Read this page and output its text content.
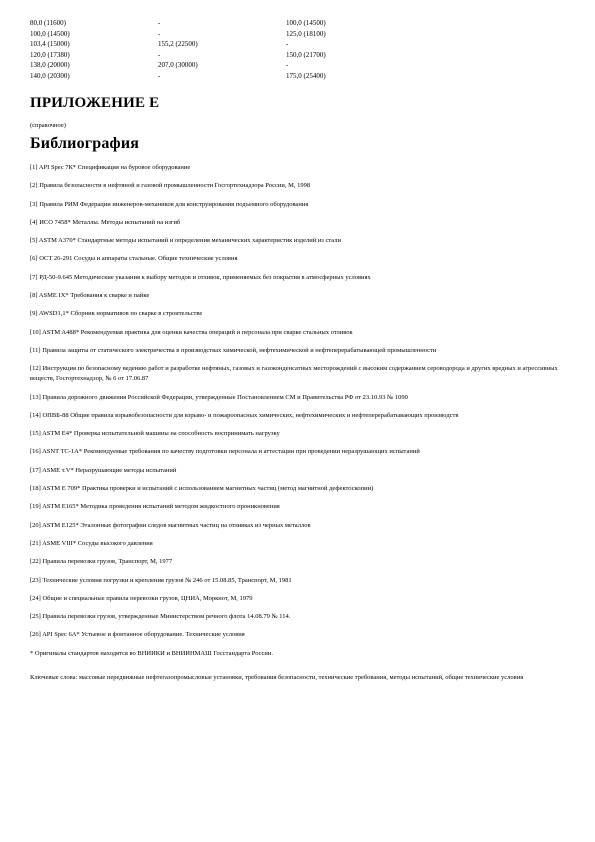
80,0 (11600)	-	100,0 (14500)
100,0 (14500)	-	125,0 (18100)
103,4 (15000)	155,2 (22500)	-
120,0 (17380)	-	150,0 (21700)
138,0 (20000)	207,0 (30000)	-
140,0 (20300)	-	175,0 (25400)
ПРИЛОЖЕНИЕ Е

(справочное)

Библиография
[1] API Spec 7К* Спецификация на буровое оборудование
[2] Правила безопасности в нефтяной и газовой промышленности Госгортехнадзора России, М, 1998
[3] Правила РИМ Федерации инженеров-механиков для конструирования подъемного оборудования
[4] ИСО 7458* Металлы. Методы испытаний на изгиб
[5] ASTM A370* Стандартные методы испытаний и определения механических характеристик изделий из стали
[6] ОСТ 26-291 Сосуды и аппараты стальные. Общие технические условия
[7] РД-50-9.645 Методические указания к выбору методов и отливок, применяемых без покрытия в атмосферных условиях
[8] ASME IX* Требования к сварке и пайке
[9] AWSD1,1* Сборник нормативов по сварке в строительстве
[10] ASTM A488* Рекомендуемая практика для оценки качества операций и персонала при сварке стальных отливок
[11] Правила защиты от статического электричества в производствах химической, нефтехимической и нефтеперерабатывающей промышленности
[12] Инструкция по безопасному ведению работ и разработке нефтяных, газовых и газоконденсатных месторождений с высоким содержанием сероводорода и других вредных и агрессивных веществ, Госгортехнадзор, № 6 от 17.06.87
[13] Правила дорожного движения Российской Федерации, утвержденные Постановлением СМ и Правительства РФ от 23.10.93 № 1090
[14] ОПВБ-88 Общие правила взрывобезопасности для взрыво- и пожароопасных химических, нефтехимических и нефтеперерабатывающих производств
[15] ASTM E4* Проверка испытательной машины на способность воспринимать нагрузку
[16] ASNT TC-1A* Рекомендуемые требования по качеству подготовки персонала и аттестации при проведении неразрушающих испытаний
[17] ASME т.V* Неразрушающие методы испытаний
[18] ASTM E 709* Практика проверки и испытаний с использованием магнитных частиц (метод магнитной дефектоскопии)
[19] ASTM E165* Методика проведения испытаний методом жидкостного проникновения
[20] ASTM E125* Эталонные фотографии следов магнитных частиц на отливках из черных металлов
[21] ASME VIII* Сосуды высокого давления
[22] Правила перевозки грузов, Транспорт, М, 1977
[23] Технические условия погрузки и крепления грузов № 246 от 15.08.85, Транспорт, М, 1981
[24] Общие и специальные правила перевозки грузов, ЦНИА, Моркнот, М, 1979
[25] Правила перевозки грузов, утвержденные Министерством речного флота 14.08.79 № 114.
[26] API Spec 6A* Устьевое и фонтанное оборудование. Технические условия

* Оригиналы стандартов находятся во ВНИИКИ и ВНИИНМАШ Госстандарта России.

Ключевые слова: массовые передвижные нефтегазопромысловые установки, требования безопасности, технические требования, методы испытаний, общие технические условия
